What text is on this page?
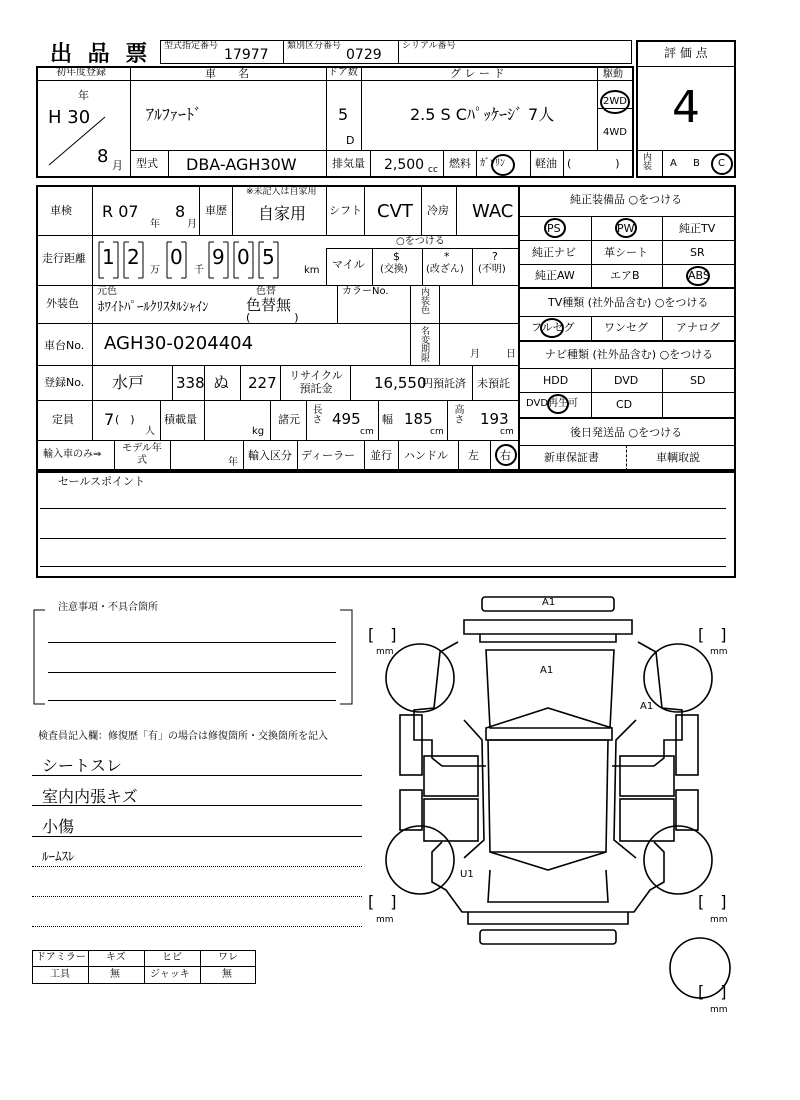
出 品 票 型式指定番号
17977
類別区分番号
0729
シリアル番号	評 価 点
4
初年度登録
年
H 30
8 月
車　　名
ｱﾙﾌｧｰﾄﾞ
ドア数
5
D
グ レ ー ド
2.5 S Cﾊﾟｯｹｰｼﾞ 7人
駆動
2WD
4WD
型式 DBA-AGH30W	排気量 2,500 cc 燃料 ｶﾞｿﾘﾝ	軽油 (　　　　) 内装 A B C
車検 R 07
年
8
月
車歴
※未記入は自家用
自家用 シフト CVT 冷房 WAC
走行距離 1 2
万
0
千
9 0 5
km
○をつける
マイル
$
(交換)
*
(改ざん)
?
(不明)
外装色
元色
ﾎﾜｲﾄﾊﾟｰﾙｸﾘｽﾀﾙｼｬｲﾝ
色替
色替無
(　　　　)
カラーNo.	内装色
車台No. AGH30-0204404	名変期限	月	日
登録No. 水戸 338 ぬ 227 リサイクル預託金	16,550
円預託済 未預託
定員 7 (　)
人
積載量
kg
諸元 長さ 495
cm
幅 185
cm
高さ 193
cm
輸入車のみ⇒
モデル年式	年
輸入区分 ディーラー 並行 ハンドル 左 右
純正装備品 ○をつける
PS	PW	純正TV
純正ナビ	革シート	SR
純正AW	エアB	ABS
TV種類 (社外品含む) ○をつける
フルセグ	ワンセグ	アナログ
ナビ種類 (社外品含む) ○をつける
HDD	DVD	SD
DVD再生可	CD
後日発送品 ○をつける
新車保証書	車輌取説
セールスポイント
注意事項・不具合箇所
検査員記入欄：修復歴「有」の場合は修復箇所・交換箇所を記入
シートスレ
室内内張キズ
小傷
ﾙｰﾑｽﾚ
ドアミラー キズ	ヒビ	ワレ
工具	無	ジャッキ	無
A1
A1
A1
U1
[　]
mm
[　]
mm
[　]
mm
[　]
mm
[　]
mm
